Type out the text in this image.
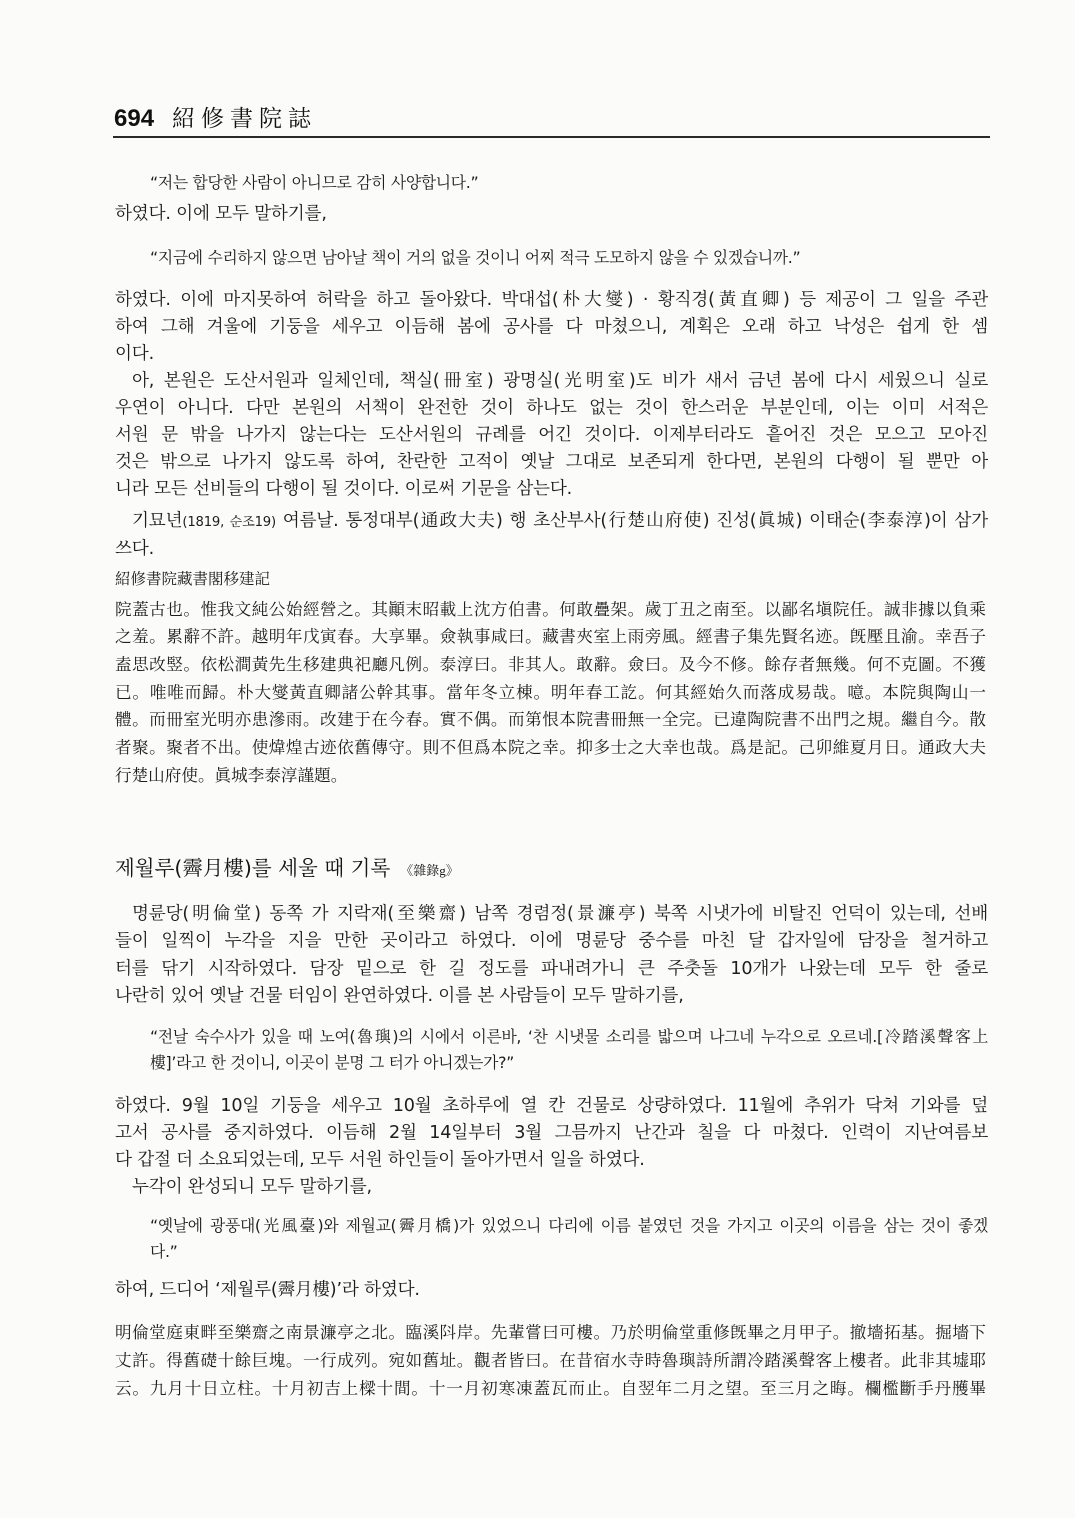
694 紹修書院誌
“저는 합당한 사람이 아니므로 감히 사양합니다.”
하였다. 이에 모두 말하기를,
“지금에 수리하지 않으면 남아날 책이 거의 없을 것이니 어찌 적극 도모하지 않을 수 있겠습니까.”
하였다. 이에 마지못하여 허락을 하고 돌아왔다. 박대섭(朴大燮) · 황직경(黃直卿) 등 제공이 그 일을 주관
하여 그해 겨울에 기둥을 세우고 이듬해 봄에 공사를 다 마쳤으니, 계획은 오래 하고 낙성은 쉽게 한 셈
이다.
아, 본원은 도산서원과 일체인데, 책실(冊室) 광명실(光明室)도 비가 새서 금년 봄에 다시 세웠으니 실로
우연이 아니다. 다만 본원의 서책이 완전한 것이 하나도 없는 것이 한스러운 부분인데, 이는 이미 서적은
서원 문 밖을 나가지 않는다는 도산서원의 규례를 어긴 것이다. 이제부터라도 흩어진 것은 모으고 모아진
것은 밖으로 나가지 않도록 하여, 찬란한 고적이 옛날 그대로 보존되게 한다면, 본원의 다행이 될 뿐만 아
니라 모든 선비들의 다행이 될 것이다. 이로써 기문을 삼는다.
기묘년(1819, 순조19) 여름날. 통정대부(通政大夫) 행 초산부사(行楚山府使) 진성(眞城) 이태순(李泰淳)이 삼가
쓰다.
紹修書院藏書閣移建記
院蓋古也。惟我文純公始經營之。其顚末昭載上沈方伯書。何敢疊架。歲丁丑之南至。以鄙名塡院任。誠非據以負乘
之羞。累辭不許。越明年戊寅春。大享畢。僉執事咸曰。藏書夾室上雨旁風。經書子集先賢名迹。旣壓且渝。幸吾子
盍思改竪。依松澗黃先生移建典祀廳凡例。泰淳曰。非其人。敢辭。僉曰。及今不修。餘存者無幾。何不克圖。不獲
已。唯唯而歸。朴大燮黃直卿諸公幹其事。當年冬立棟。明年春工訖。何其經始久而落成易哉。噫。本院與陶山一
體。而冊室光明亦患滲雨。改建于在今春。實不偶。而第恨本院書冊無一全完。已違陶院書不出門之規。繼自今。散
者聚。聚者不出。使煒煌古迹依舊傳守。則不但爲本院之幸。抑多士之大幸也哉。爲是記。己卯維夏月日。通政大夫
行楚山府使。眞城李泰淳謹題。
제월루(霽月樓)를 세울 때 기록 《雜錄g》
명륜당(明倫堂) 동쪽 가 지락재(至樂齋) 남쪽 경렴정(景濂亭) 북쪽 시냇가에 비탈진 언덕이 있는데, 선배
들이 일찍이 누각을 지을 만한 곳이라고 하였다. 이에 명륜당 중수를 마친 달 갑자일에 담장을 철거하고
터를 닦기 시작하였다. 담장 밑으로 한 길 정도를 파내려가니 큰 주춧돌 10개가 나왔는데 모두 한 줄로
나란히 있어 옛날 건물 터임이 완연하였다. 이를 본 사람들이 모두 말하기를,
“전날 숙수사가 있을 때 노여(魯璵)의 시에서 이른바, ‘찬 시냇물 소리를 밟으며 나그네 누각으로 오르네.[冷踏溪聲客上
樓]’라고 한 것이니, 이곳이 분명 그 터가 아니겠는가?”
하였다. 9월 10일 기둥을 세우고 10월 초하루에 열 칸 건물로 상량하였다. 11월에 추위가 닥쳐 기와를 덮
고서 공사를 중지하였다. 이듬해 2월 14일부터 3월 그믐까지 난간과 칠을 다 마쳤다. 인력이 지난여름보
다 갑절 더 소요되었는데, 모두 서원 하인들이 돌아가면서 일을 하였다.
누각이 완성되니 모두 말하기를,
“옛날에 광풍대(光風臺)와 제월교(霽月橋)가 있었으니 다리에 이름 붙였던 것을 가지고 이곳의 이름을 삼는 것이 좋겠
다.”
하여, 드디어 ‘제월루(霽月樓)’라 하였다.
明倫堂庭東畔至樂齋之南景濂亭之北。臨溪阧岸。先輩嘗曰可樓。乃於明倫堂重修旣畢之月甲子。撤墻拓基。掘墻下
丈許。得舊礎十餘巨塊。一行成列。宛如舊址。觀者皆曰。在昔宿水寺時魯璵詩所謂冷踏溪聲客上樓者。此非其墟耶
云。九月十日立柱。十月初吉上樑十間。十一月初寒凍蓋瓦而止。自翌年二月之望。至三月之晦。欄檻斷手丹雘畢
